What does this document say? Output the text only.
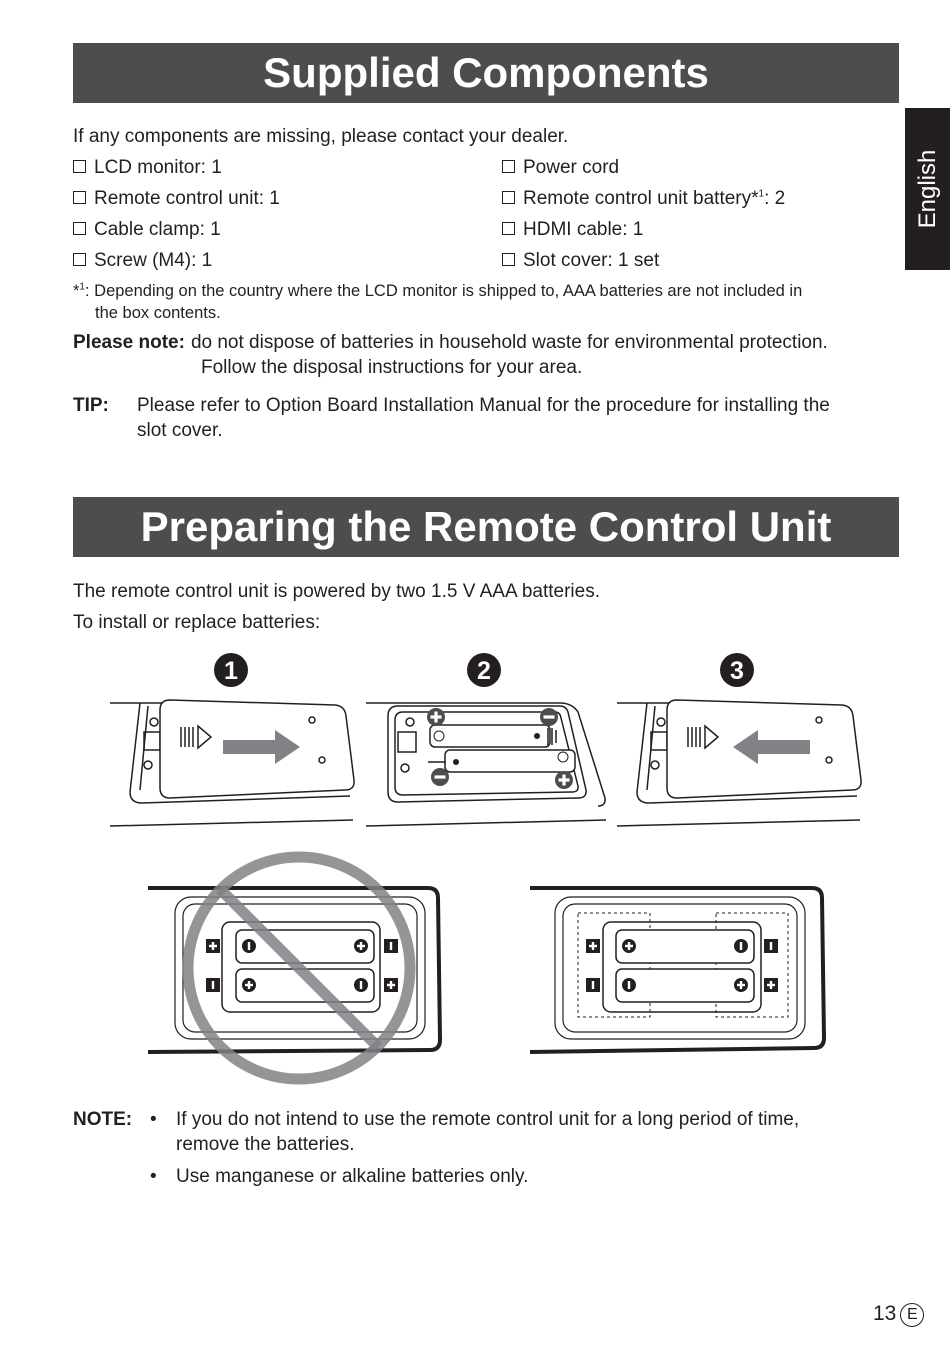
Supplied Components
English
If any components are missing, please contact your dealer.
LCD monitor: 1
Remote control unit: 1
Cable clamp: 1
Screw (M4): 1
Power cord
Remote control unit battery*$^1$: 2
HDMI cable: 1
Slot cover: 1 set
*$^1$: Depending on the country where the LCD monitor is shipped to, AAA batteries are not included in
the box contents.
Please note: do not dispose of batteries in household waste for environmental protection.
Follow the disposal instructions for your area.
TIP: Please refer to Option Board Installation Manual for the procedure for installing the
slot cover.
Preparing the Remote Control Unit
The remote control unit is powered by two 1.5 V AAA batteries.
To install or replace batteries:
1	2	3
NOTE: • If you do not intend to use the remote control unit for a long period of time,
remove the batteries.
• Use manganese or alkaline batteries only.
13 E
